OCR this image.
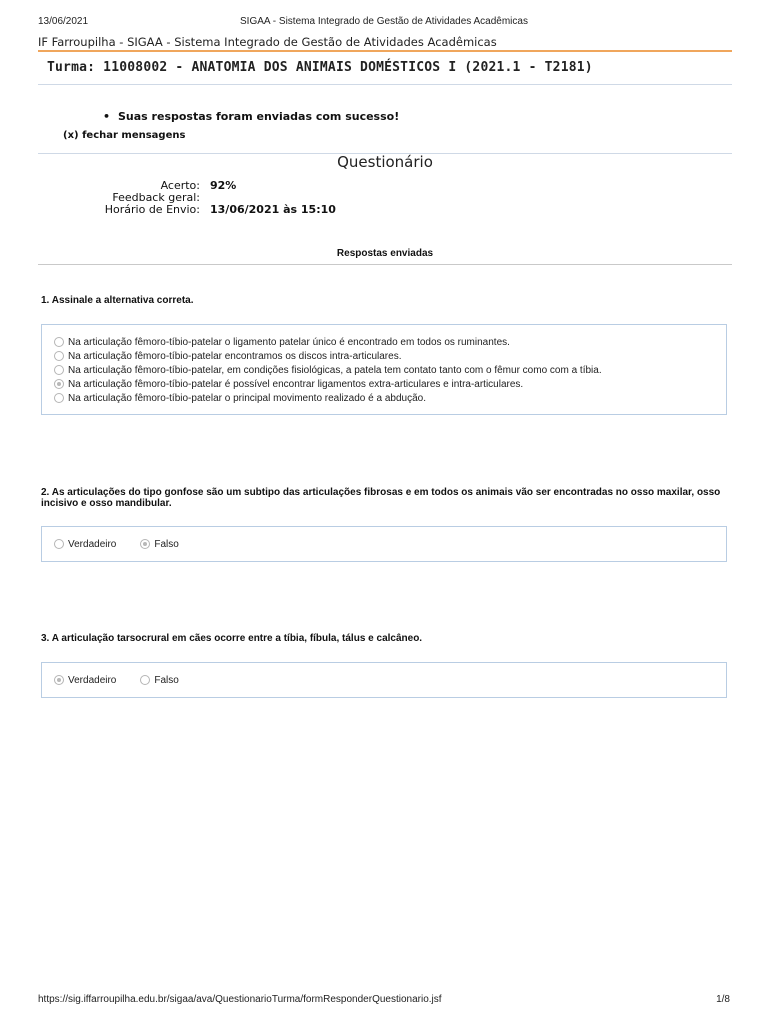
13/06/2021	SIGAA - Sistema Integrado de Gestão de Atividades Acadêmicas
IF Farroupilha - SIGAA - Sistema Integrado de Gestão de Atividades Acadêmicas
Turma: 11008002 - ANATOMIA DOS ANIMAIS DOMÉSTICOS I (2021.1 - T2181)
• Suas respostas foram enviadas com sucesso!
(x) fechar mensagens
Questionário
Acerto: 92%
Feedback geral:
Horário de Envio: 13/06/2021 às 15:10
Respostas enviadas
1. Assinale a alternativa correta.
Na articulação fêmoro-tíbio-patelar o ligamento patelar único é encontrado em todos os ruminantes.
Na articulação fêmoro-tíbio-patelar encontramos os discos intra-articulares.
Na articulação fêmoro-tíbio-patelar, em condições fisiológicas, a patela tem contato tanto com o fêmur como com a tíbia.
Na articulação fêmoro-tíbio-patelar é possível encontrar ligamentos extra-articulares e intra-articulares.
Na articulação fêmoro-tíbio-patelar o principal movimento realizado é a abdução.
2. As articulações do tipo gonfose são um subtipo das articulações fibrosas e em todos os animais vão ser encontradas no osso maxilar, osso incisivo e osso mandibular.
Verdadeiro	Falso
3. A articulação tarsocrural em cães ocorre entre a tíbia, fíbula, tálus e calcâneo.
Verdadeiro	Falso
https://sig.iffarroupilha.edu.br/sigaa/ava/QuestionarioTurma/formResponderQuestionario.jsf	1/8
